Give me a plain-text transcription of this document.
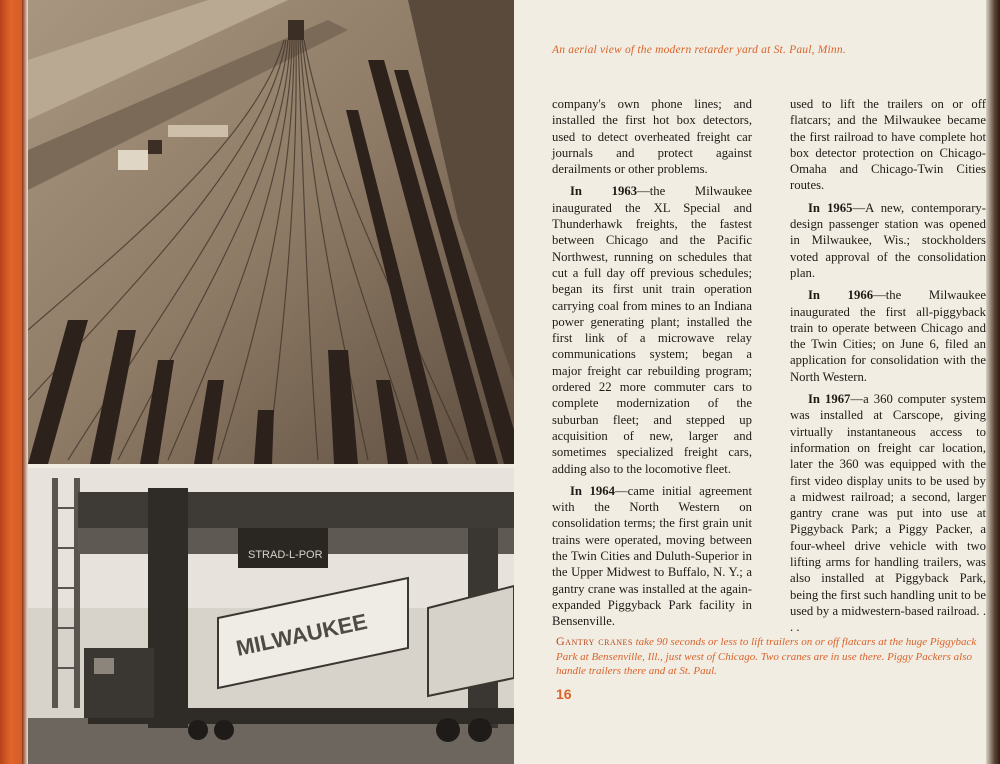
STRAD-L-POR
MILWAUKEE
An aerial view of the modern retarder yard at St. Paul, Minn.

company's own phone lines; and installed the first hot box detectors, used to detect overheated freight car journals and protect against derailments or other problems.

In 1963—the Milwaukee inaugurated the XL Special and Thunderhawk freights, the fastest between Chicago and the Pacific Northwest, running on schedules that cut a full day off previous schedules; began its first unit train operation carrying coal from mines to an Indiana power generating plant; installed the first link of a microwave relay communications system; began a major freight car rebuilding program; ordered 22 more commuter cars to complete modernization of the suburban fleet; and stepped up acquisition of new, larger and sometimes specialized freight cars, adding also to the locomotive fleet.

In 1964—came initial agreement with the North Western on consolidation terms; the first grain unit trains were operated, moving between the Twin Cities and Duluth-Superior in the Upper Midwest to Buffalo, N. Y.; a gantry crane was installed at the again-expanded Piggyback Park facility in Bensenville.

used to lift the trailers on or off flatcars; and the Milwaukee became the first railroad to have complete hot box detector protection on Chicago-Omaha and Chicago-Twin Cities routes.

In 1965—A new, contemporary-design passenger station was opened in Milwaukee, Wis.; stockholders voted approval of the consolidation plan.

In 1966—the Milwaukee inaugurated the first all-piggyback train to operate between Chicago and the Twin Cities; on June 6, filed an application for consolidation with the North Western.

In 1967—a 360 computer system was installed at Carscope, giving virtually instantaneous access to information on freight car location, later the 360 was equipped with the first video display units to be used by a midwest railroad; a second, larger gantry crane was put into use at Piggyback Park; a Piggy Packer, a four-wheel drive vehicle with two lifting arms for handling trailers, was also installed at Piggyback Park, being the first such handling unit to be used by a midwestern-based railroad. . . .

Gantry cranes take 90 seconds or less to lift trailers on or off flatcars at the huge Piggyback Park at Bensenville, Ill., just west of Chicago. Two cranes are in use there. Piggy Packers also handle trailers there and at St. Paul.
16
